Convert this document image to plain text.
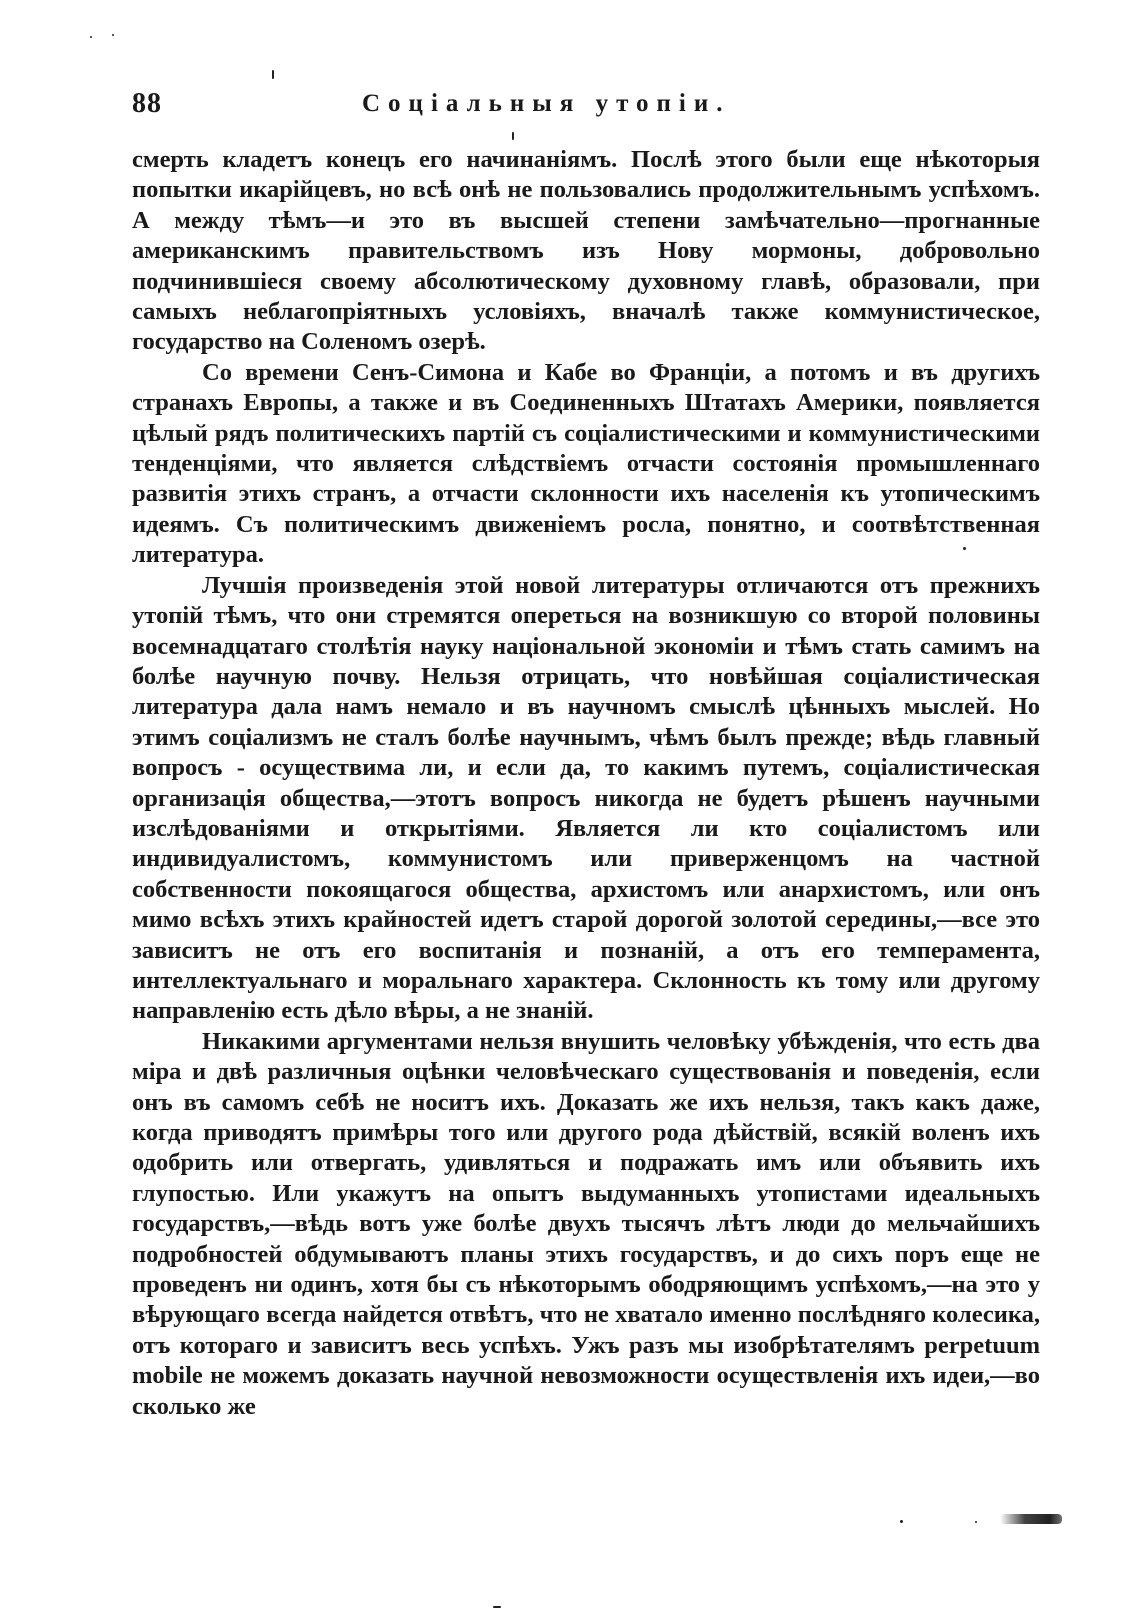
88	Соціальныя утопіи.

смерть кладетъ конецъ его начинаніямъ. Послѣ этого были еще нѣкоторыя попытки икарійцевъ, но всѣ онѣ не пользовались продолжительнымъ успѣхомъ. А между тѣмъ—и это въ высшей степени замѣчательно—прогнанные американскимъ правительствомъ изъ Нову мормоны, добровольно подчинившіеся своему абсолютическому духовному главѣ, образовали, при самыхъ неблагопріятныхъ условіяхъ, вначалѣ также коммунистическое, государство на Соленомъ озерѣ.

Со времени Сенъ-Симона и Кабе во Франціи, а потомъ и въ другихъ странахъ Европы, а также и въ Соединенныхъ Штатахъ Америки, появляется цѣлый рядъ политическихъ партій съ соціалистическими и коммунистическими тенденціями, что является слѣдствіемъ отчасти состоянія промышленнаго развитія этихъ странъ, а отчасти склонности ихъ населенія къ утопическимъ идеямъ. Съ политическимъ движеніемъ росла, понятно, и соотвѣтственная литература.

Лучшія произведенія этой новой литературы отличаются отъ прежнихъ утопій тѣмъ, что они стремятся опереться на возникшую со второй половины восемнадцатаго столѣтія науку національной экономіи и тѣмъ стать самимъ на болѣе научную почву. Нельзя отрицать, что новѣйшая соціалистическая литература дала намъ немало и въ научномъ смыслѣ цѣнныхъ мыслей. Но этимъ соціализмъ не сталъ болѣе научнымъ, чѣмъ былъ прежде; вѣдь главный вопросъ - осуществима ли, и если да, то какимъ путемъ, соціалистическая организація общества,—этотъ вопросъ никогда не будетъ рѣшенъ научными изслѣдованіями и открытіями. Является ли кто соціалистомъ или индивидуалистомъ, коммунистомъ или приверженцомъ на частной собственности покоящагося общества, архистомъ или анархистомъ, или онъ мимо всѣхъ этихъ крайностей идетъ старой дорогой золотой середины,—все это зависитъ не отъ его воспитанія и познаній, а отъ его темперамента, интеллектуальнаго и моральнаго характера. Склонность къ тому или другому направленію есть дѣло вѣры, а не знаній.

Никакими аргументами нельзя внушить человѣку убѣжденія, что есть два міра и двѣ различныя оцѣнки человѣческаго существованія и поведенія, если онъ въ самомъ себѣ не носитъ ихъ. Доказать же ихъ нельзя, такъ какъ даже, когда приводятъ примѣры того или другого рода дѣйствій, всякій воленъ ихъ одобрить или отвергать, удивляться и подражать имъ или объявить ихъ глупостью. Или укажутъ на опытъ выдуманныхъ утопистами идеальныхъ государствъ,—вѣдь вотъ уже болѣе двухъ тысячъ лѣтъ люди до мельчайшихъ подробностей обдумываютъ планы этихъ государствъ, и до сихъ поръ еще не проведенъ ни одинъ, хотя бы съ нѣкоторымъ ободряющимъ успѣхомъ,—на это у вѣрующаго всегда найдется отвѣтъ, что не хватало именно послѣдняго колесика, отъ котораго и зависитъ весь успѣхъ. Ужъ разъ мы изобрѣтателямъ perpetuum mobile не можемъ доказать научной невозможности осуществленія ихъ идеи,—во сколько же
